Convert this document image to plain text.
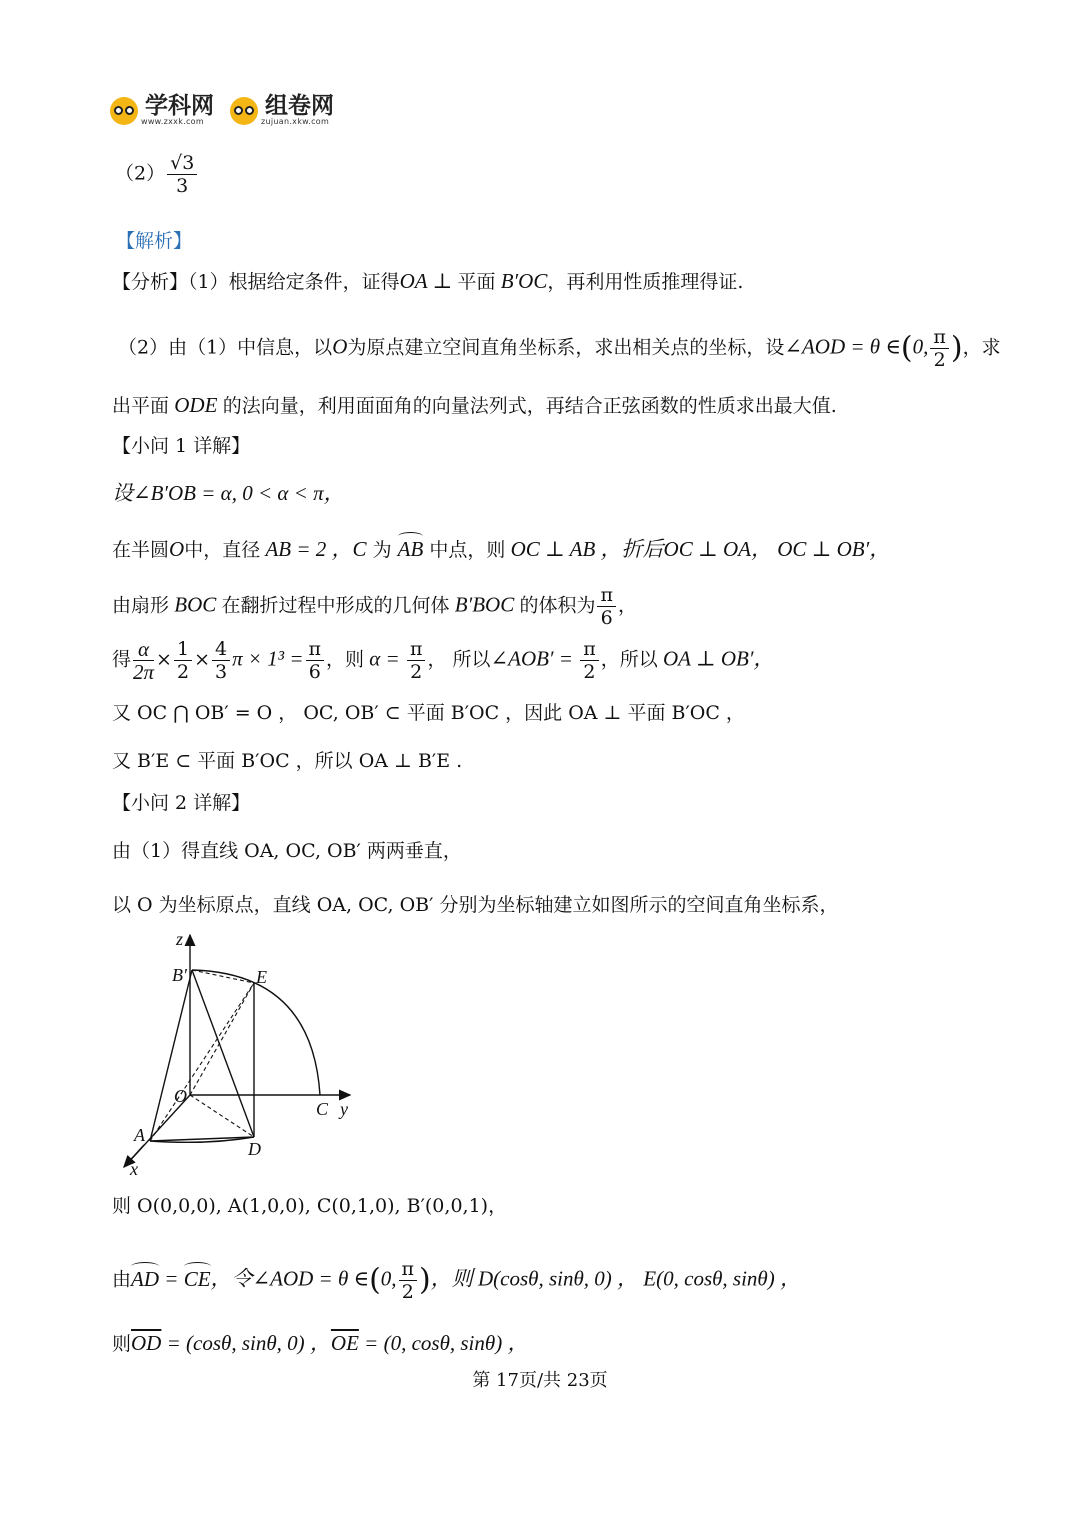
学科网
www.zxxk.com
组卷网
zujuan.xkw.com
$(2) \frac{√3}{3}$
【解析】
【分析】（1）根据给定条件，证得OA ⊥ 平面 B′OC，再利用性质推理得证.
（2）由（1）中信息，以O为原点建立空间直角坐标系，求出相关点的坐标，设∠AOD = θ ∈(0, $\frac{\pi}{2}$ )，求
出平面 ODE 的法向量，利用面面角的向量法列式，再结合正弦函数的性质求出最大值.
【小问 1 详解】
设∠B′OB = α, 0 < α < π，
在半圆O中，直径 AB = 2 ，C 为 AB 中点，则 OC ⊥ AB ，折后OC ⊥ OA， OC ⊥ OB′，
由扇形 BOC 在翻折过程中形成的几何体 B′BOC 的体积为 $\frac{\pi}{6}$ ，
得 $\frac{\alpha}{2\pi} \times \frac{1}{2} \times \frac{4}{3}$ $\pi \times 1^3 = \frac{\pi}{6}$ ，则 $\alpha = \frac{\pi}{2}$ ， 所以∠AOB′ = $\frac{\pi}{2}$ ，所以 OA ⊥ OB′，
又 OC ⋂ OB′ = O ， OC, OB′ ⊂ 平面 B′OC ，因此 OA ⊥ 平面 B′OC ，
又 B′E ⊂ 平面 B′OC ，所以 OA ⊥ B′E .
【小问 2 详解】
由（1）得直线 OA, OC, OB′ 两两垂直，
以 O 为坐标原点，直线 OA, OC, OB′ 分别为坐标轴建立如图所示的空间直角坐标系，
z
y
x
B′	E
O
C
A
D
则 O(0,0,0), A(1,0,0), C(0,1,0), B′(0,0,1)，
由AD = CE，令∠AOD = θ ∈(0, $\frac{\pi}{2}$ )，则 D(cosθ, sinθ, 0) ， E(0, cosθ, sinθ) ，
则$\overline{OD} = (\cos\theta$, sinθ, 0) ，$\overline{OE} = (0$, cosθ, sinθ) ，
第 17页/共 23页
